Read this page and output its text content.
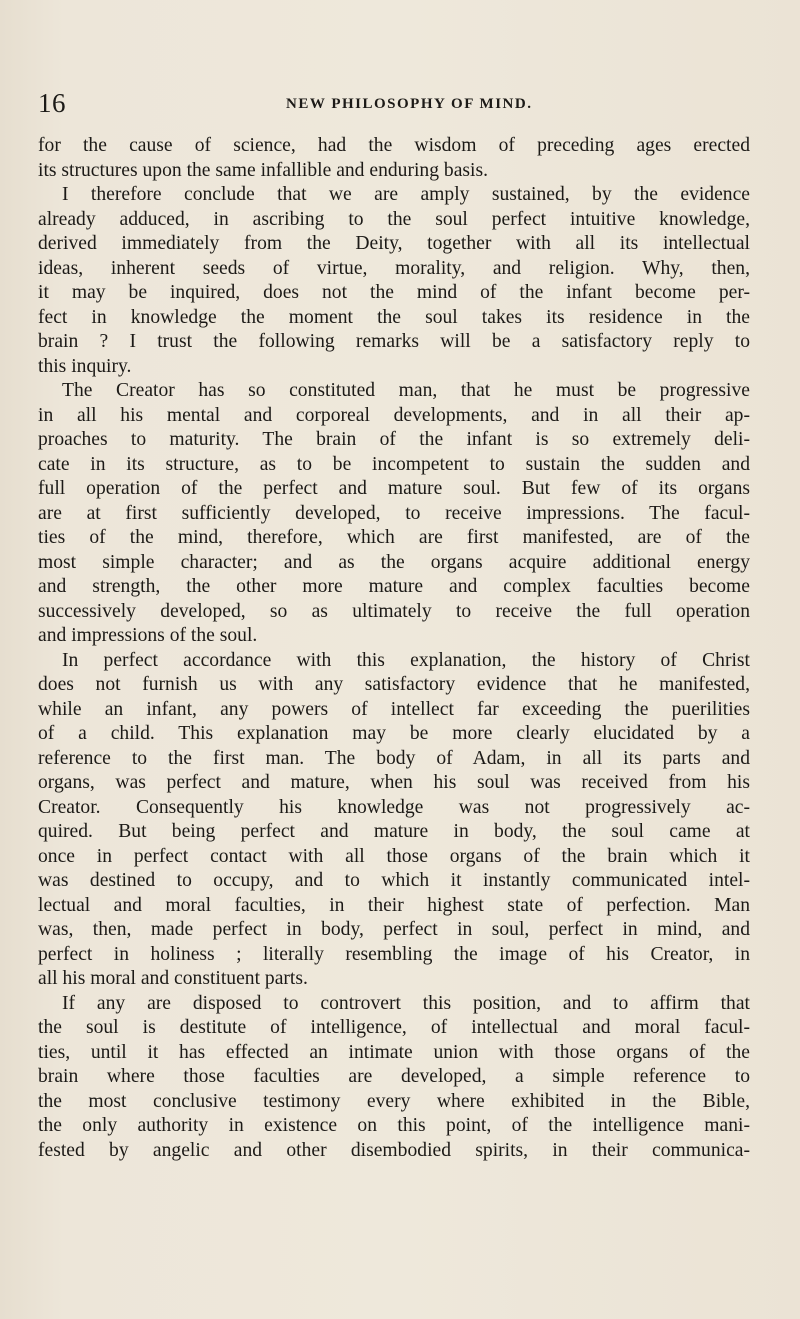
16	NEW PHILOSOPHY OF MIND.
for the cause of science, had the wisdom of preceding ages erected
its structures upon the same infallible and enduring basis.
I therefore conclude that we are amply sustained, by the evidence
already adduced, in ascribing to the soul perfect intuitive knowledge,
derived immediately from the Deity, together with all its intellectual
ideas, inherent seeds of virtue, morality, and religion. Why, then,
it may be inquired, does not the mind of the infant become per-
fect in knowledge the moment the soul takes its residence in the
brain ? I trust the following remarks will be a satisfactory reply to
this inquiry.
The Creator has so constituted man, that he must be progressive
in all his mental and corporeal developments, and in all their ap-
proaches to maturity. The brain of the infant is so extremely deli-
cate in its structure, as to be incompetent to sustain the sudden and
full operation of the perfect and mature soul. But few of its organs
are at first sufficiently developed, to receive impressions. The facul-
ties of the mind, therefore, which are first manifested, are of the
most simple character; and as the organs acquire additional energy
and strength, the other more mature and complex faculties become
successively developed, so as ultimately to receive the full operation
and impressions of the soul.
In perfect accordance with this explanation, the history of Christ
does not furnish us with any satisfactory evidence that he manifested,
while an infant, any powers of intellect far exceeding the puerilities
of a child. This explanation may be more clearly elucidated by a
reference to the first man. The body of Adam, in all its parts and
organs, was perfect and mature, when his soul was received from his
Creator. Consequently his knowledge was not progressively ac-
quired. But being perfect and mature in body, the soul came at
once in perfect contact with all those organs of the brain which it
was destined to occupy, and to which it instantly communicated intel-
lectual and moral faculties, in their highest state of perfection. Man
was, then, made perfect in body, perfect in soul, perfect in mind, and
perfect in holiness ; literally resembling the image of his Creator, in
all his moral and constituent parts.
If any are disposed to controvert this position, and to affirm that
the soul is destitute of intelligence, of intellectual and moral facul-
ties, until it has effected an intimate union with those organs of the
brain where those faculties are developed, a simple reference to
the most conclusive testimony every where exhibited in the Bible,
the only authority in existence on this point, of the intelligence mani-
fested by angelic and other disembodied spirits, in their communica-
